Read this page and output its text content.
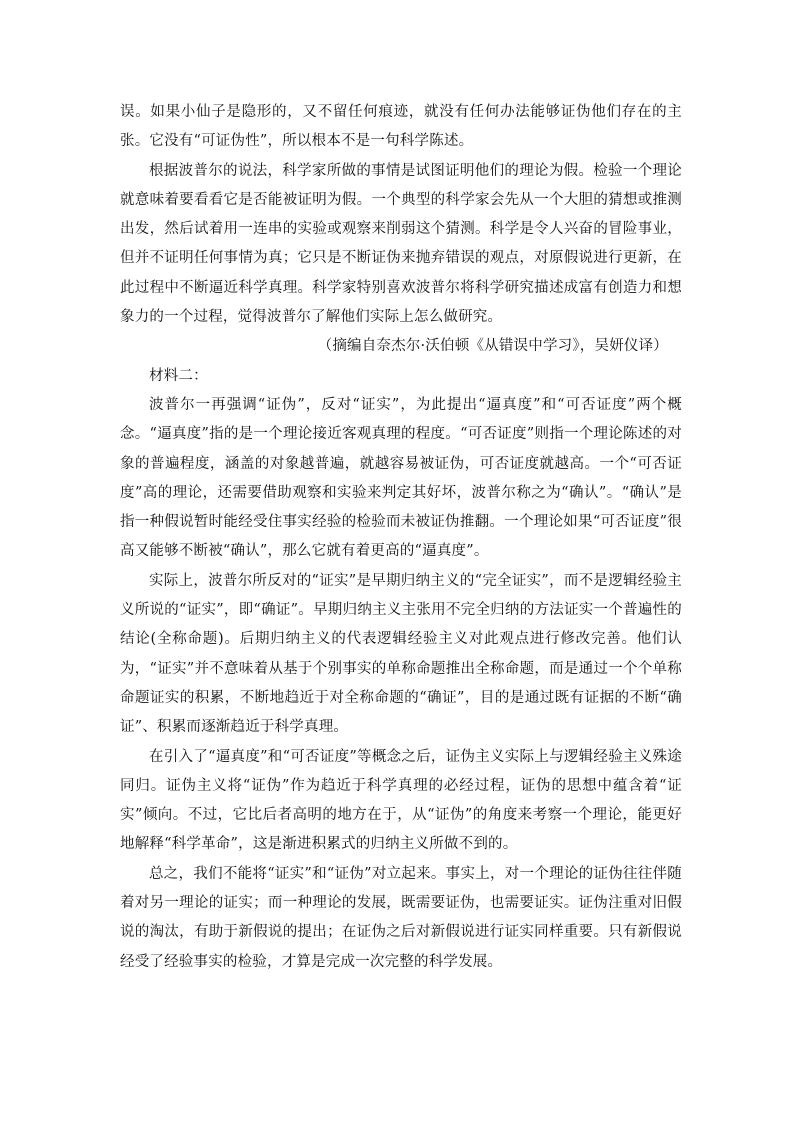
误。如果小仙子是隐形的，又不留任何痕迹，就没有任何办法能够证伪他们存在的主张。它没有“可证伪性”，所以根本不是一句科学陈述。

根据波普尔的说法，科学家所做的事情是试图证明他们的理论为假。检验一个理论就意味着要看看它是否能被证明为假。一个典型的科学家会先从一个大胆的猜想或推测出发，然后试着用一连串的实验或观察来削弱这个猜测。科学是令人兴奋的冒险事业，但并不证明任何事情为真；它只是不断证伪来抛弃错误的观点，对原假说进行更新，在此过程中不断逼近科学真理。科学家特别喜欢波普尔将科学研究描述成富有创造力和想象力的一个过程，觉得波普尔了解他们实际上怎么做研究。

（摘编自奈杰尔·沃伯顿《从错误中学习》，吴妍仪译）

材料二：

波普尔一再强调“证伪”，反对“证实”，为此提出“逼真度”和“可否证度”两个概念。“逼真度”指的是一个理论接近客观真理的程度。“可否证度”则指一个理论陈述的对象的普遍程度，涵盖的对象越普遍，就越容易被证伪，可否证度就越高。一个“可否证度”高的理论，还需要借助观察和实验来判定其好坏，波普尔称之为“确认”。“确认”是指一种假说暂时能经受住事实经验的检验而未被证伪推翻。一个理论如果“可否证度”很高又能够不断被“确认”，那么它就有着更高的“逼真度”。

实际上，波普尔所反对的“证实”是早期归纳主义的“完全证实”，而不是逻辑经验主义所说的“证实”，即“确证”。早期归纳主义主张用不完全归纳的方法证实一个普遍性的结论(全称命题)。后期归纳主义的代表逻辑经验主义对此观点进行修改完善。他们认为，“证实”并不意味着从基于个别事实的单称命题推出全称命题，而是通过一个个单称命题证实的积累，不断地趋近于对全称命题的“确证”，目的是通过既有证据的不断“确证”、积累而逐渐趋近于科学真理。

在引入了“逼真度”和“可否证度”等概念之后，证伪主义实际上与逻辑经验主义殊途同归。证伪主义将“证伪”作为趋近于科学真理的必经过程，证伪的思想中蕴含着“证实”倾向。不过，它比后者高明的地方在于，从“证伪”的角度来考察一个理论，能更好地解释“科学革命”，这是渐进积累式的归纳主义所做不到的。

总之，我们不能将“证实”和“证伪”对立起来。事实上，对一个理论的证伪往往伴随着对另一理论的证实；而一种理论的发展，既需要证伪，也需要证实。证伪注重对旧假说的淘汰，有助于新假说的提出；在证伪之后对新假说进行证实同样重要。只有新假说经受了经验事实的检验，才算是完成一次完整的科学发展。
